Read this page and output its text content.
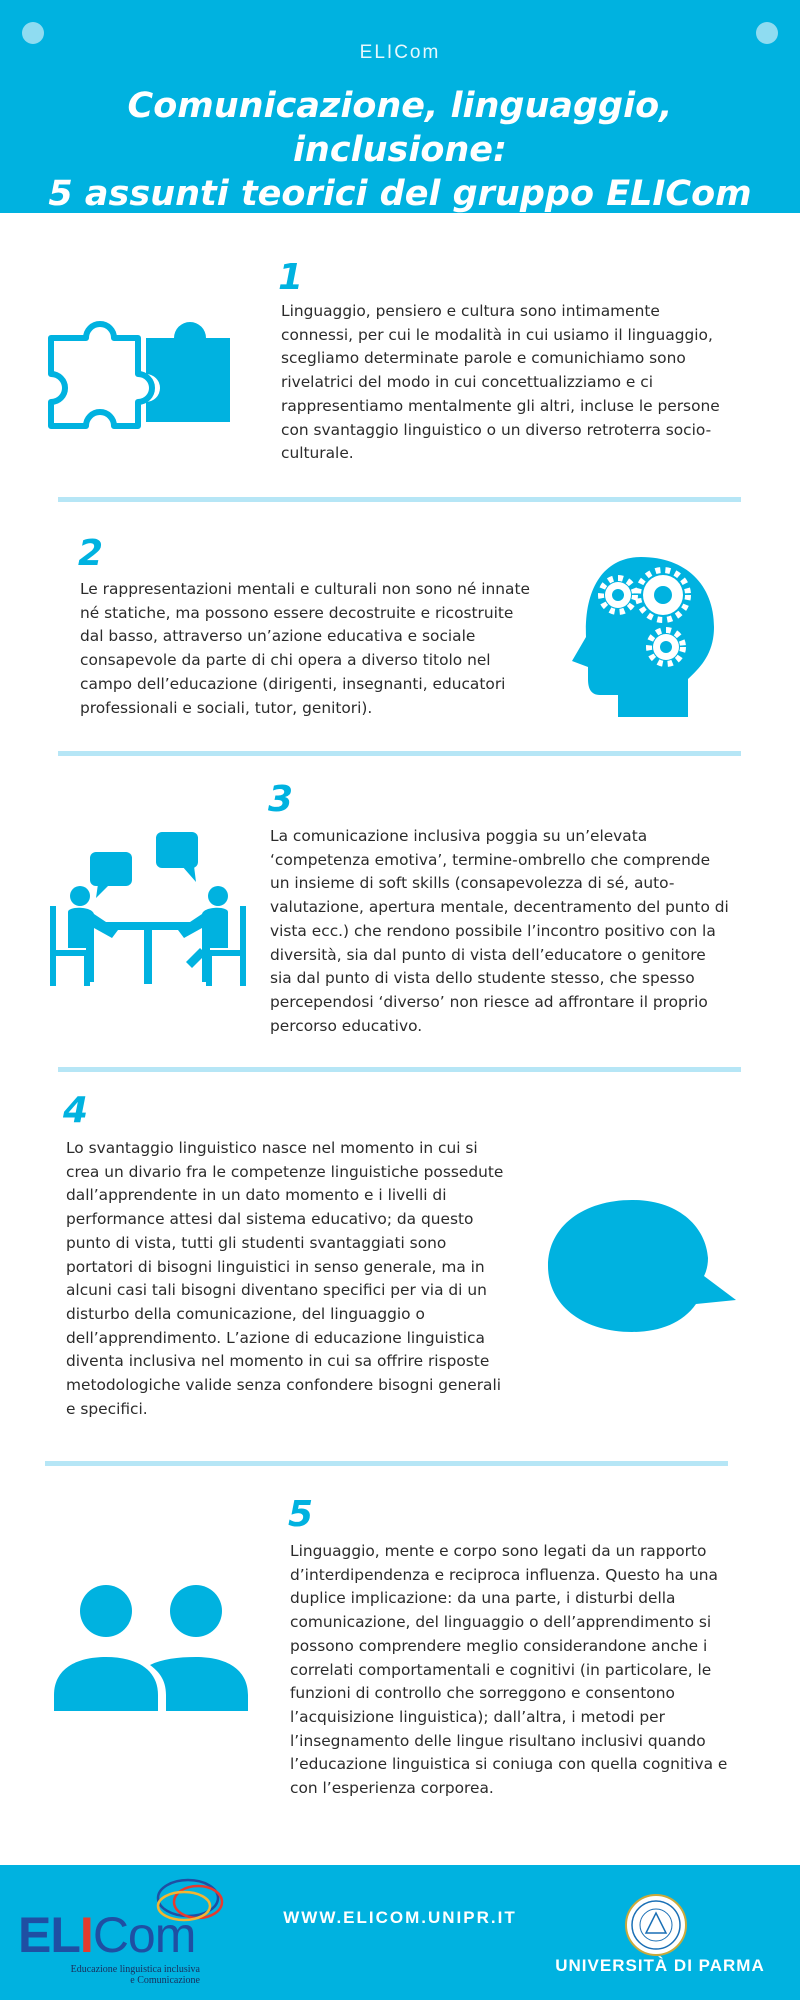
ELICom
Comunicazione, linguaggio, inclusione:
5 assunti teorici del gruppo ELICom
1

Linguaggio, pensiero e cultura sono intimamente connessi, per cui le modalità in cui usiamo il linguaggio, scegliamo determinate parole e comunichiamo sono rivelatrici del modo in cui concettualizziamo e ci rappresentiamo mentalmente gli altri, incluse le persone con svantaggio linguistico o un diverso retroterra socio-culturale.

2

Le rappresentazioni mentali e culturali non sono né innate né statiche, ma possono essere decostruite e ricostruite dal basso, attraverso un’azione educativa e sociale consapevole da parte di chi opera a diverso titolo nel campo dell’educazione (dirigenti, insegnanti, educatori professionali e sociali, tutor, genitori).

3

La comunicazione inclusiva poggia su un’elevata ‘competenza emotiva’, termine-ombrello che comprende un insieme di soft skills (consapevolezza di sé, auto-valutazione, apertura mentale, decentramento del punto di vista ecc.) che rendono possibile l’incontro positivo con la diversità, sia dal punto di vista dell’educatore o genitore sia dal punto di vista dello studente stesso, che spesso percependosi ‘diverso’ non riesce ad affrontare il proprio percorso educativo.

4

Lo svantaggio linguistico nasce nel momento in cui si crea un divario fra le competenze linguistiche possedute dall’apprendente in un dato momento e i livelli di performance attesi dal sistema educativo; da questo punto di vista, tutti gli studenti svantaggiati sono portatori di bisogni linguistici in senso generale, ma in alcuni casi tali bisogni diventano specifici per via di un disturbo della comunicazione, del linguaggio o dell’apprendimento. L’azione di educazione linguistica diventa inclusiva nel momento in cui sa offrire risposte metodologiche valide senza confondere bisogni generali e specifici.

5

Linguaggio, mente e corpo sono legati da un rapporto d’interdipendenza e reciproca influenza. Questo ha una duplice implicazione: da una parte, i disturbi della comunicazione, del linguaggio o dell’apprendimento si possono comprendere meglio considerandone anche i correlati comportamentali e cognitivi (in particolare, le funzioni di controllo che sorreggono e consentono l’acquisizione linguistica); dall’altra, i metodi per l’insegnamento delle lingue risultano inclusivi quando l’educazione linguistica si coniuga con quella cognitiva e con l’esperienza corporea.

ELICom
Educazione linguistica inclusiva
e Comunicazione
WWW.ELICOM.UNIPR.IT
UNIVERSITÀ DI PARMA
